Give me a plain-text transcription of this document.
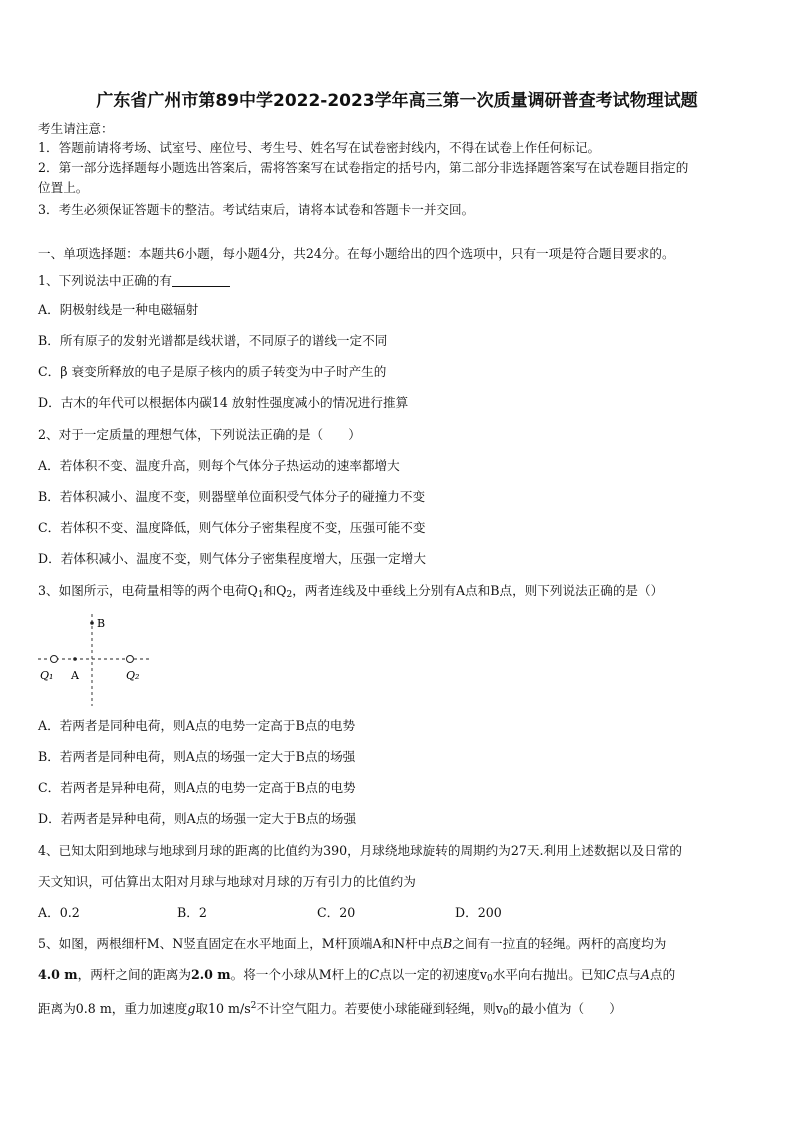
广东省广州市第89中学2022-2023学年高三第一次质量调研普查考试物理试题
考生请注意：
1．答题前请将考场、试室号、座位号、考生号、姓名写在试卷密封线内，不得在试卷上作任何标记。
2．第一部分选择题每小题选出答案后，需将答案写在试卷指定的括号内，第二部分非选择题答案写在试卷题目指定的
位置上。
3．考生必须保证答题卡的整洁。考试结束后，请将本试卷和答题卡一并交回。
一、单项选择题：本题共6小题，每小题4分，共24分。在每小题给出的四个选项中，只有一项是符合题目要求的。
1、下列说法中正确的有
A．阴极射线是一种电磁辐射
B．所有原子的发射光谱都是线状谱，不同原子的谱线一定不同
C．β 衰变所释放的电子是原子核内的质子转变为中子时产生的
D．古木的年代可以根据体内碳14 放射性强度减小的情况进行推算
2、对于一定质量的理想气体，下列说法正确的是（　　）
A．若体积不变、温度升高，则每个气体分子热运动的速率都增大
B．若体积减小、温度不变，则器壁单位面积受气体分子的碰撞力不变
C．若体积不变、温度降低，则气体分子密集程度不变，压强可能不变
D．若体积减小、温度不变，则气体分子密集程度增大，压强一定增大
3、如图所示，电荷量相等的两个电荷$Q_1$和$Q_2$，两者连线及中垂线上分别有A点和B点，则下列说法正确的是（）
B
Q₁ A	Q₂
A．若两者是同种电荷，则A点的电势一定高于B点的电势
B．若两者是同种电荷，则A点的场强一定大于B点的场强
C．若两者是异种电荷，则A点的电势一定高于B点的电势
D．若两者是异种电荷，则A点的场强一定大于B点的场强
4、已知太阳到地球与地球到月球的距离的比值约为390，月球绕地球旋转的周期约为27天.利用上述数据以及日常的
天文知识，可估算出太阳对月球与地球对月球的万有引力的比值约为
A．0.2	B．2	C．20	D．200
5、如图，两根细杆M、N竖直固定在水平地面上，M杆顶端A和N杆中点B之间有一拉直的轻绳。两杆的高度均为
4.0 m，两杆之间的距离为2.0 m。将一个小球从M杆上的C点以一定的初速度$v_0$水平向右抛出。已知C点与A点的
距离为0.8 m，重力加速度g取10 $m/s^2$不计空气阻力。若要使小球能碰到轻绳，则$v_0$的最小值为（　　）
